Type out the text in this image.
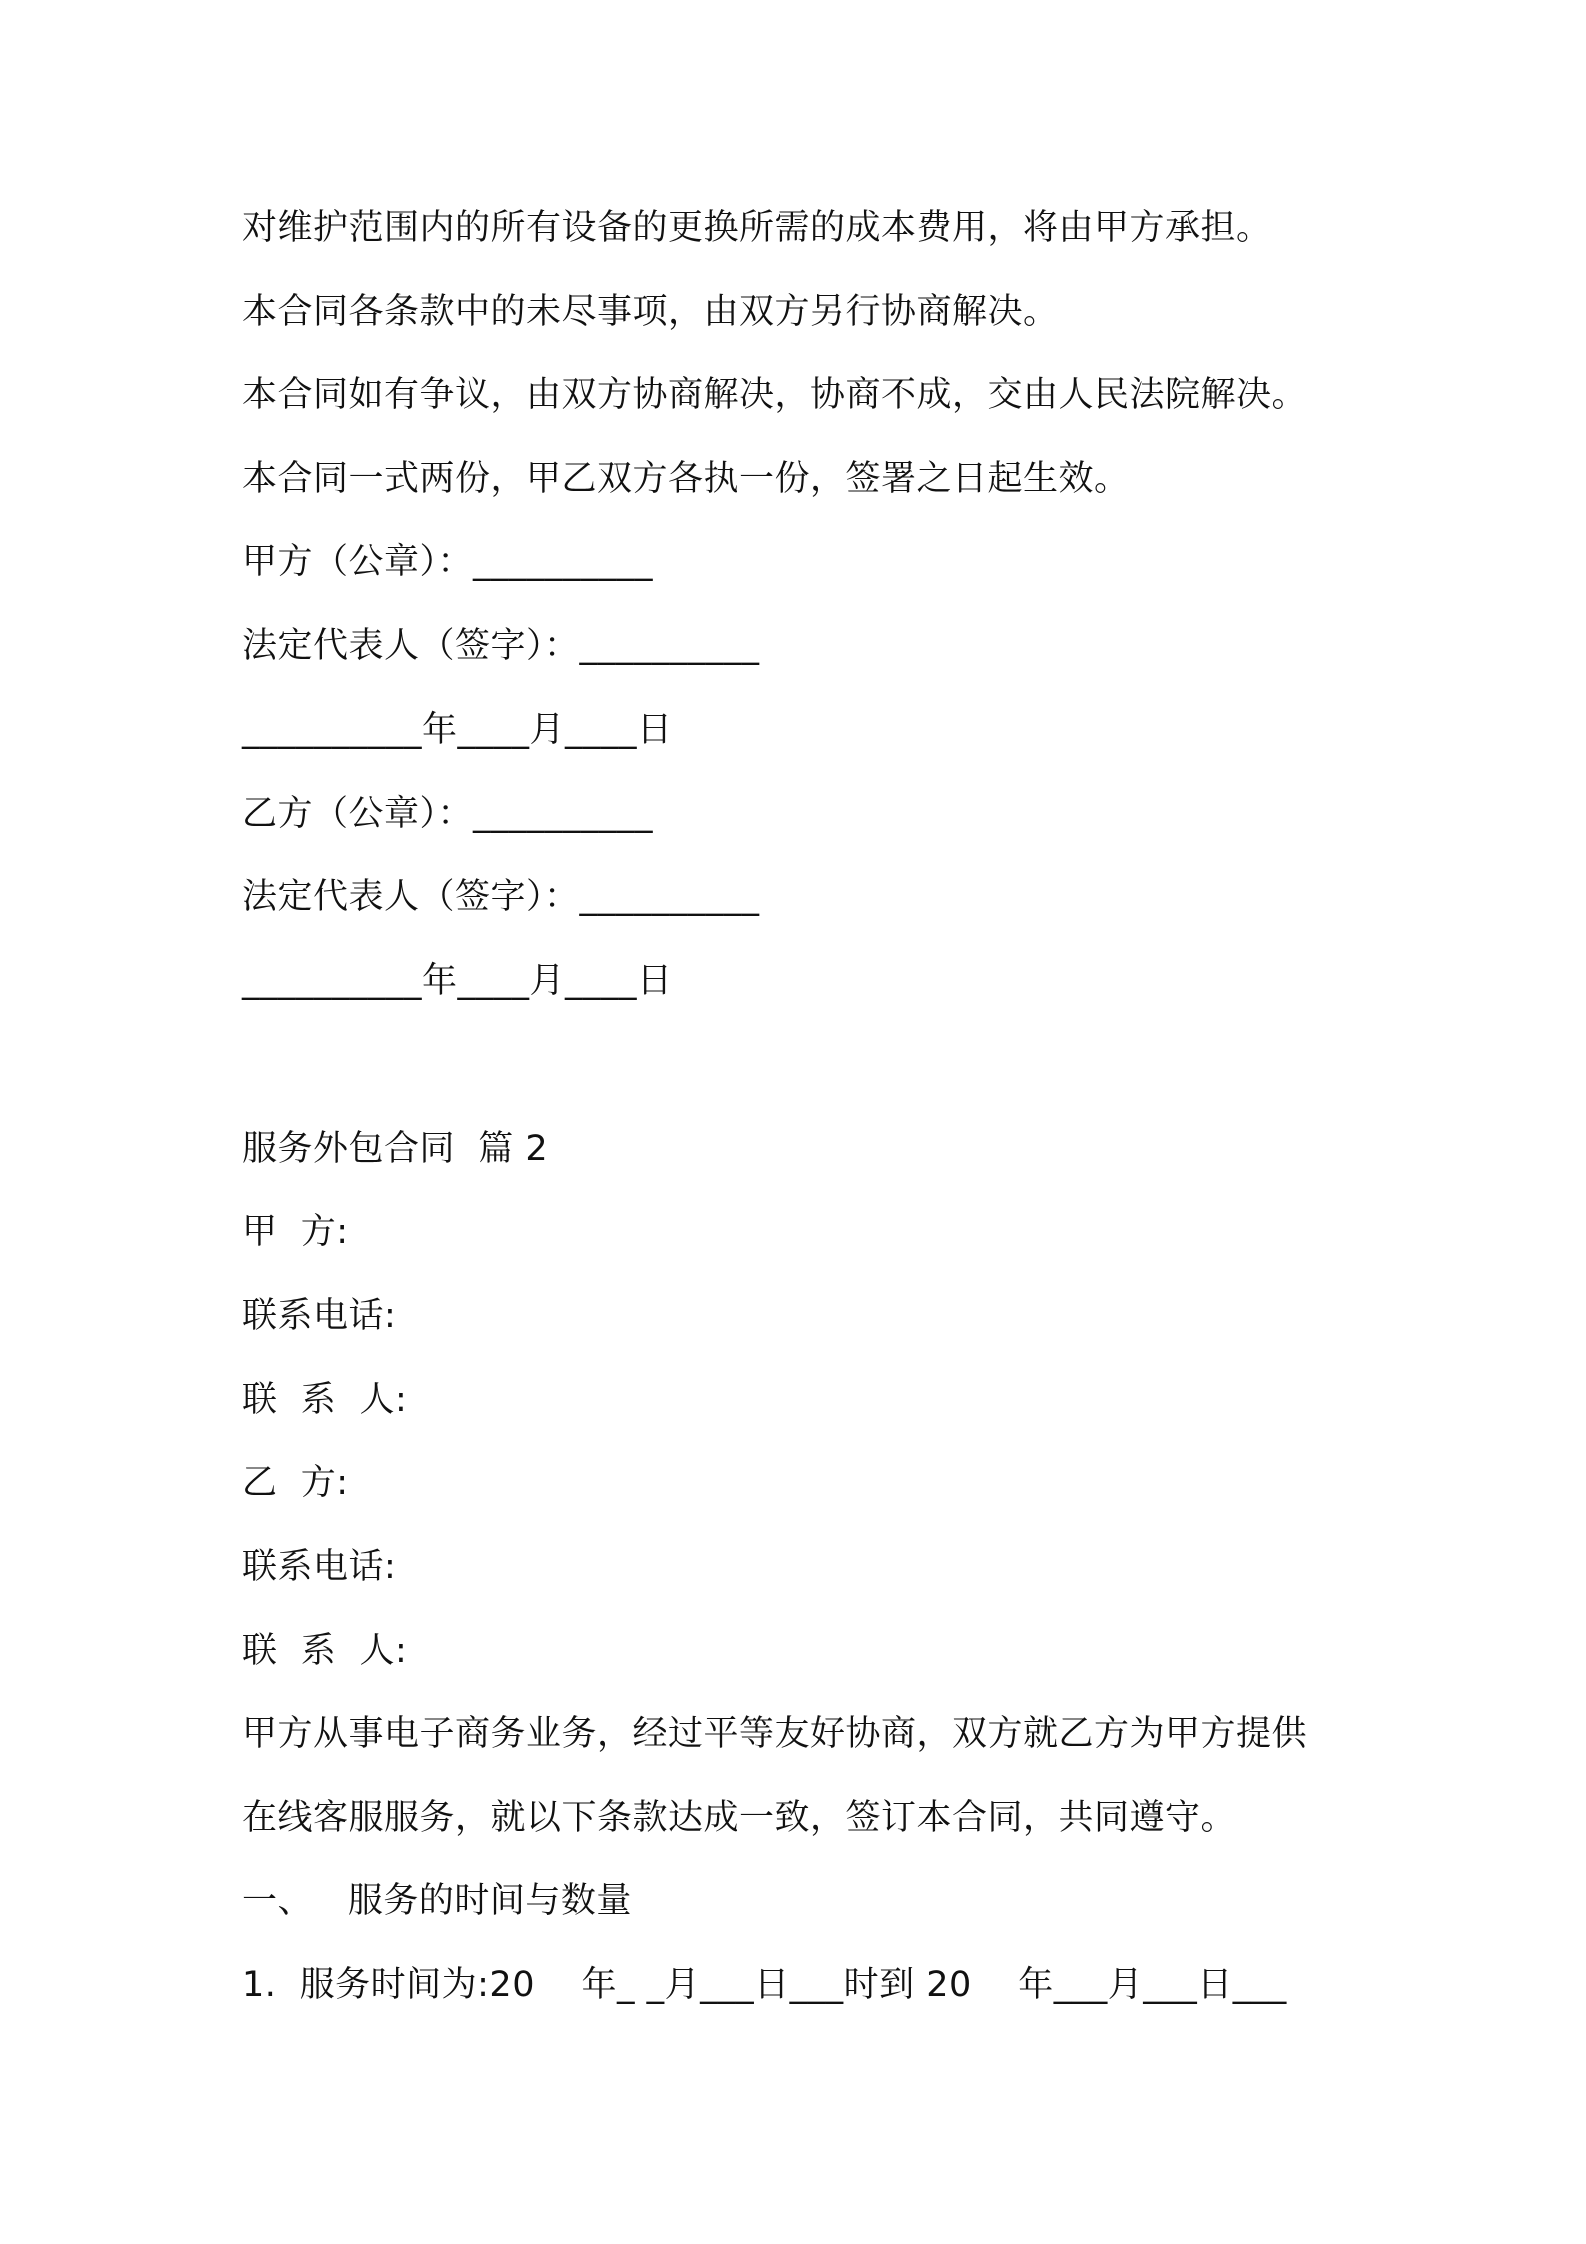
对维护范围内的所有设备的更换所需的成本费用，将由甲方承担。
本合同各条款中的未尽事项，由双方另行协商解决。
本合同如有争议，由双方协商解决，协商不成，交由人民法院解决。
本合同一式两份，甲乙双方各执一份，签署之日起生效。
甲方（公章）：__________
法定代表人（签字）：__________
__________年____月____日
乙方（公章）：__________
法定代表人（签字）：__________
__________年____月____日
服务外包合同  篇 2
甲  方:
联系电话:
联  系  人:
乙  方:
联系电话:
联  系  人:
甲方从事电子商务业务，经过平等友好协商，双方就乙方为甲方提供
在线客服服务，就以下条款达成一致，签订本合同，共同遵守。
一、   服务的时间与数量
1.  服务时间为:20    年_ _月___日___时到 20    年___月___日___
